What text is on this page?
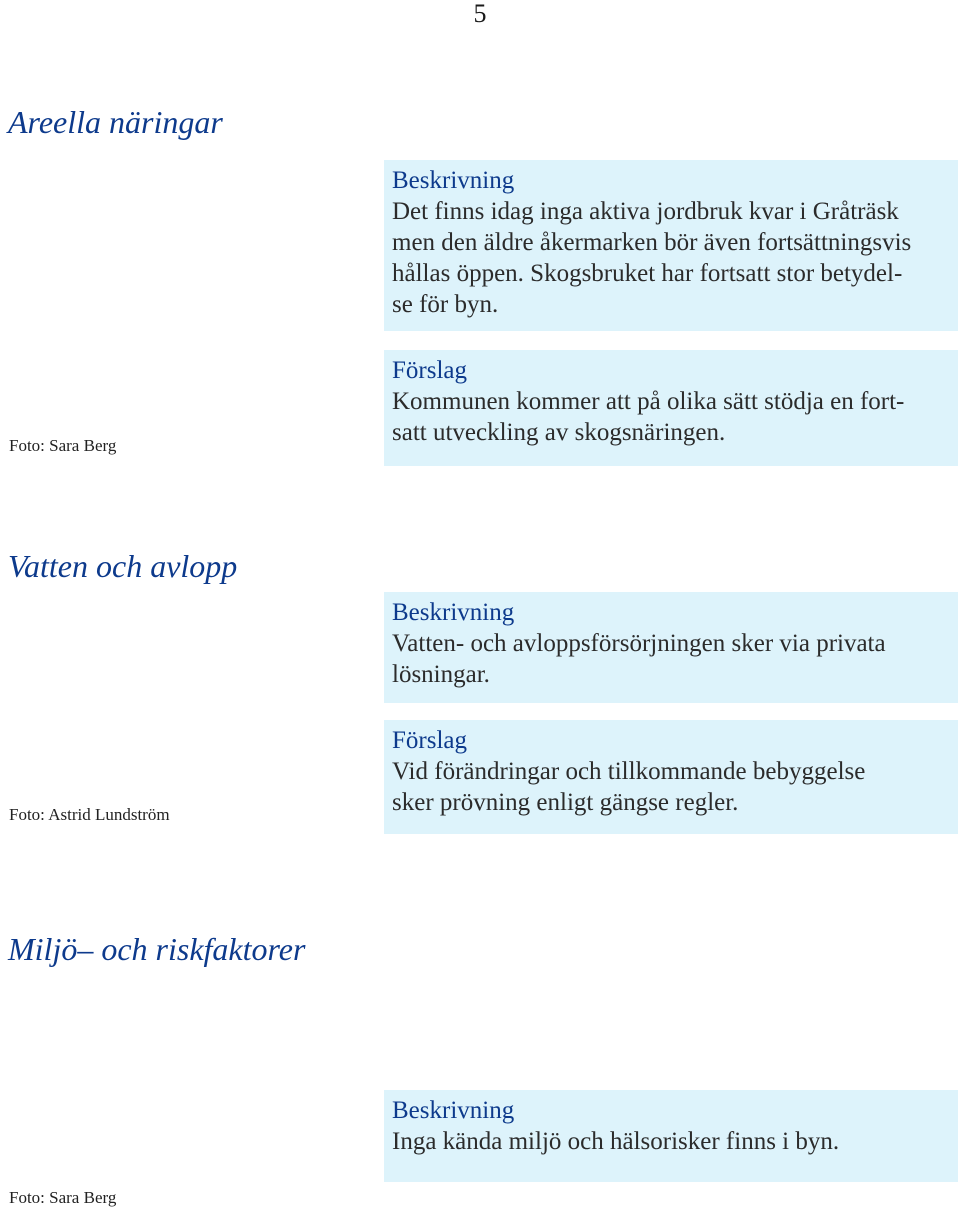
5
Areella näringar
Beskrivning
Det finns idag inga aktiva jordbruk kvar i Gråträsk
men den äldre åkermarken bör även fortsättningsvis
hållas öppen. Skogsbruket har fortsatt stor betydel-
se för byn.
Förslag
Kommunen kommer att på olika sätt stödja en fort-
satt utveckling av skogsnäringen.
Foto: Sara Berg
Vatten och avlopp
Beskrivning
Vatten- och avloppsförsörjningen sker via privata
lösningar.
Förslag
Vid förändringar och tillkommande bebyggelse
sker prövning enligt gängse regler.
Foto: Astrid Lundström
Miljö– och riskfaktorer
Beskrivning
Inga kända miljö och hälsorisker finns i byn.
Foto: Sara Berg
